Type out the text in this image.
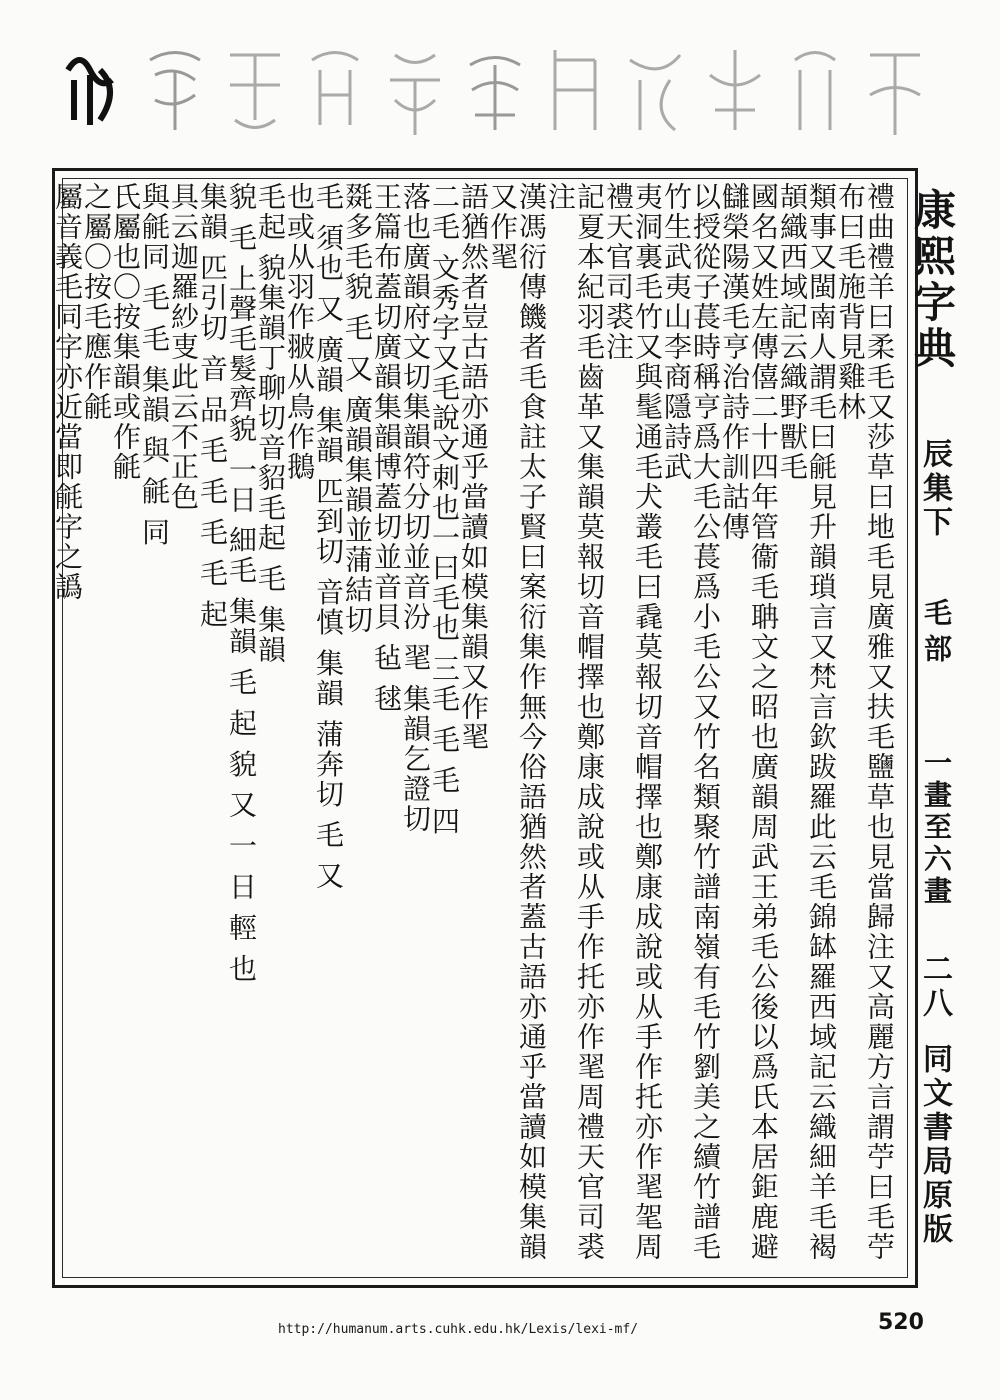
禮曲禮羊曰柔毛又莎草曰地毛見廣雅又扶毛鹽草也見當歸注又高麗方言謂苧曰毛苧布曰毛施背見雞林
類事又閩南人謂毛曰毹見升韻瑣言又梵言欽跋羅此云毛錦缽羅西域記云織細羊毛褐頡織西域記云織野獸毛
國名又姓左傳僖二十四年管衞毛聃文之昭也廣韻周武王弟毛公後以爲氏本居鉅鹿避讎榮陽漢毛亨治詩作訓詁傳
以授從子萇時稱亨爲大毛公萇爲小毛公又竹名類聚竹譜南嶺有毛竹劉美之續竹譜毛竹生武夷山李商隱詩武
夷洞裏毛竹又與髦通毛犬叢毛曰毳莫報切音帽擇也鄭康成說或从手作托亦作毣毠周禮天官司裘注
記夏本紀羽毛齒革又集韻莫報切音帽擇也鄭康成說或从手作托亦作毣周禮天官司裘注
漢馮衍傳饑者毛食註太子賢曰案衍集作無今俗語猶然者蓋古語亦通乎當讀如模集韻又作毣
語猶然者豈古語亦通乎當讀如模集韻又作毣
二毛 文秀字又毛說文刺也一曰毛也 三毛 毛 毛 四
落也廣韻府文切集韻符分切並音汾 毣 集韻乞證切
王篇布蓋切廣韻集韻博蓋切並音貝 毡 毬
毲多毛貌 毛 又 廣韻集韻並蒲結切
毛 須也 又 廣韻 集韻 匹到切 音慎 集韻 蒲奔切 毛 又
也或从羽作翍从鳥作鵝
毛起 貌集韻丁聊切音貂毛起 毛 集韻
貌 毛 上聲毛髮齊貌 一日 細毛 集韻 毛 起 貌 又 一 日 輕 也
集韻 匹引切 音 品 毛 毛 毛 毛 起
具云迦羅紗叓此云不正色
與毹同 毛 毛 集韻 與 毹 同
氏屬也〇按集韻或作毹
之屬〇按毛應作毹
屬音義毛同字亦近當即毹字之譌	康熙字典
辰集下
毛部
一畫至六畫
二八
同文書局原版
520
http://humanum.arts.cuhk.edu.hk/Lexis/lexi-mf/
